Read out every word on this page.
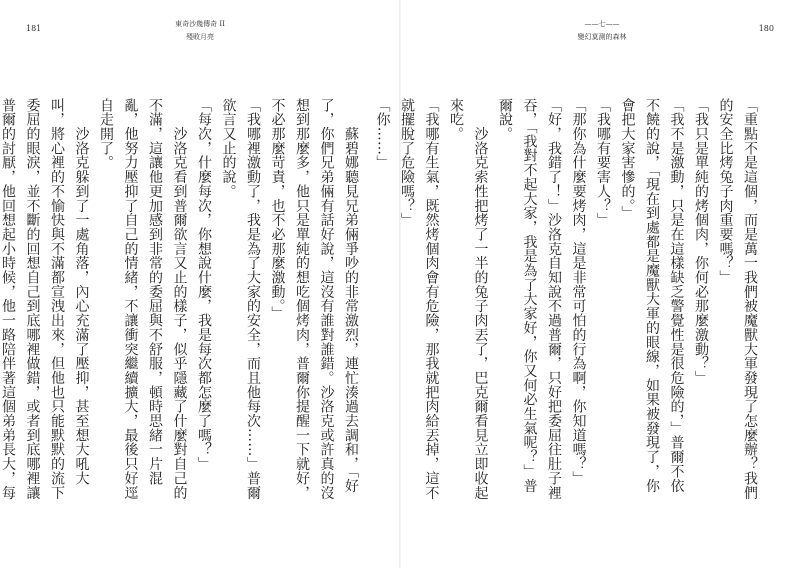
181	東奇沙幾傳奇 II
殘敗月亮

　　蘇碧娜聽見兄弟倆爭吵的非常激烈，連忙湊過去調和，「好了，你們兄弟倆有話好說，這沒有誰對誰錯。沙洛克或許真的沒想到那麼多，他只是單純的想吃個烤肉，普爾你提醒一下就好，不必那麼苛責，也不必那麼激動。」

「我哪裡激動了，我是為了大家的安全，而且他每次……」普爾欲言又止的說。

「每次，什麼每次，你想說什麼，我是每次都怎麼了嗎？」

　　沙洛克看到普爾欲言又止的樣子，似乎隱藏了什麼對自己的不滿，這讓他更加感到非常的委屈與不舒服，頓時思緒一片混亂，他努力壓抑了自己的情緒，不讓衝突繼續擴大，最後只好逕自走開了。

　　沙洛克躲到了一處角落，內心充滿了壓抑，甚至想大吼大叫，將心裡的不愉快與不滿都宣洩出來，但他也只能默默的流下委屈的眼淚，並不斷的回想自己到底哪裡做錯，或者到底哪裡讓普爾的討厭，他回想起小時候，他一路陪伴著這個弟弟長大，每

180
——七——
變幻莫測的森林

「重點不是這個，而是萬一我們被魔獸大軍發現了怎麼辦？我們的安全比烤兔子肉重要嗎？」

「我只是單純的烤個肉，你何必那麼激動？」

「我不是激動，只是在這樣缺乏警覺性是很危險的，」普爾不依不饒的說，「現在到處都是魔獸大軍的眼線，如果被發現了，你會把大家害慘的。」

「我哪有要害人？」

「那你為什麼要烤肉，這是非常可怕的行為啊，你知道嗎？」

「好，我錯了！」沙洛克自知說不過普爾，只好把委屈往肚子裡吞，「我對不起大家，我是為了大家好，你又何必生氣呢？」普爾說。

　　沙洛克索性把烤了一半的兔子肉丟了，巴克爾看見立即收起來吃。

「我哪有生氣，既然烤個肉會有危險，那我就把肉給丟掉，這不就擺脫了危險嗎？」

「你……」
